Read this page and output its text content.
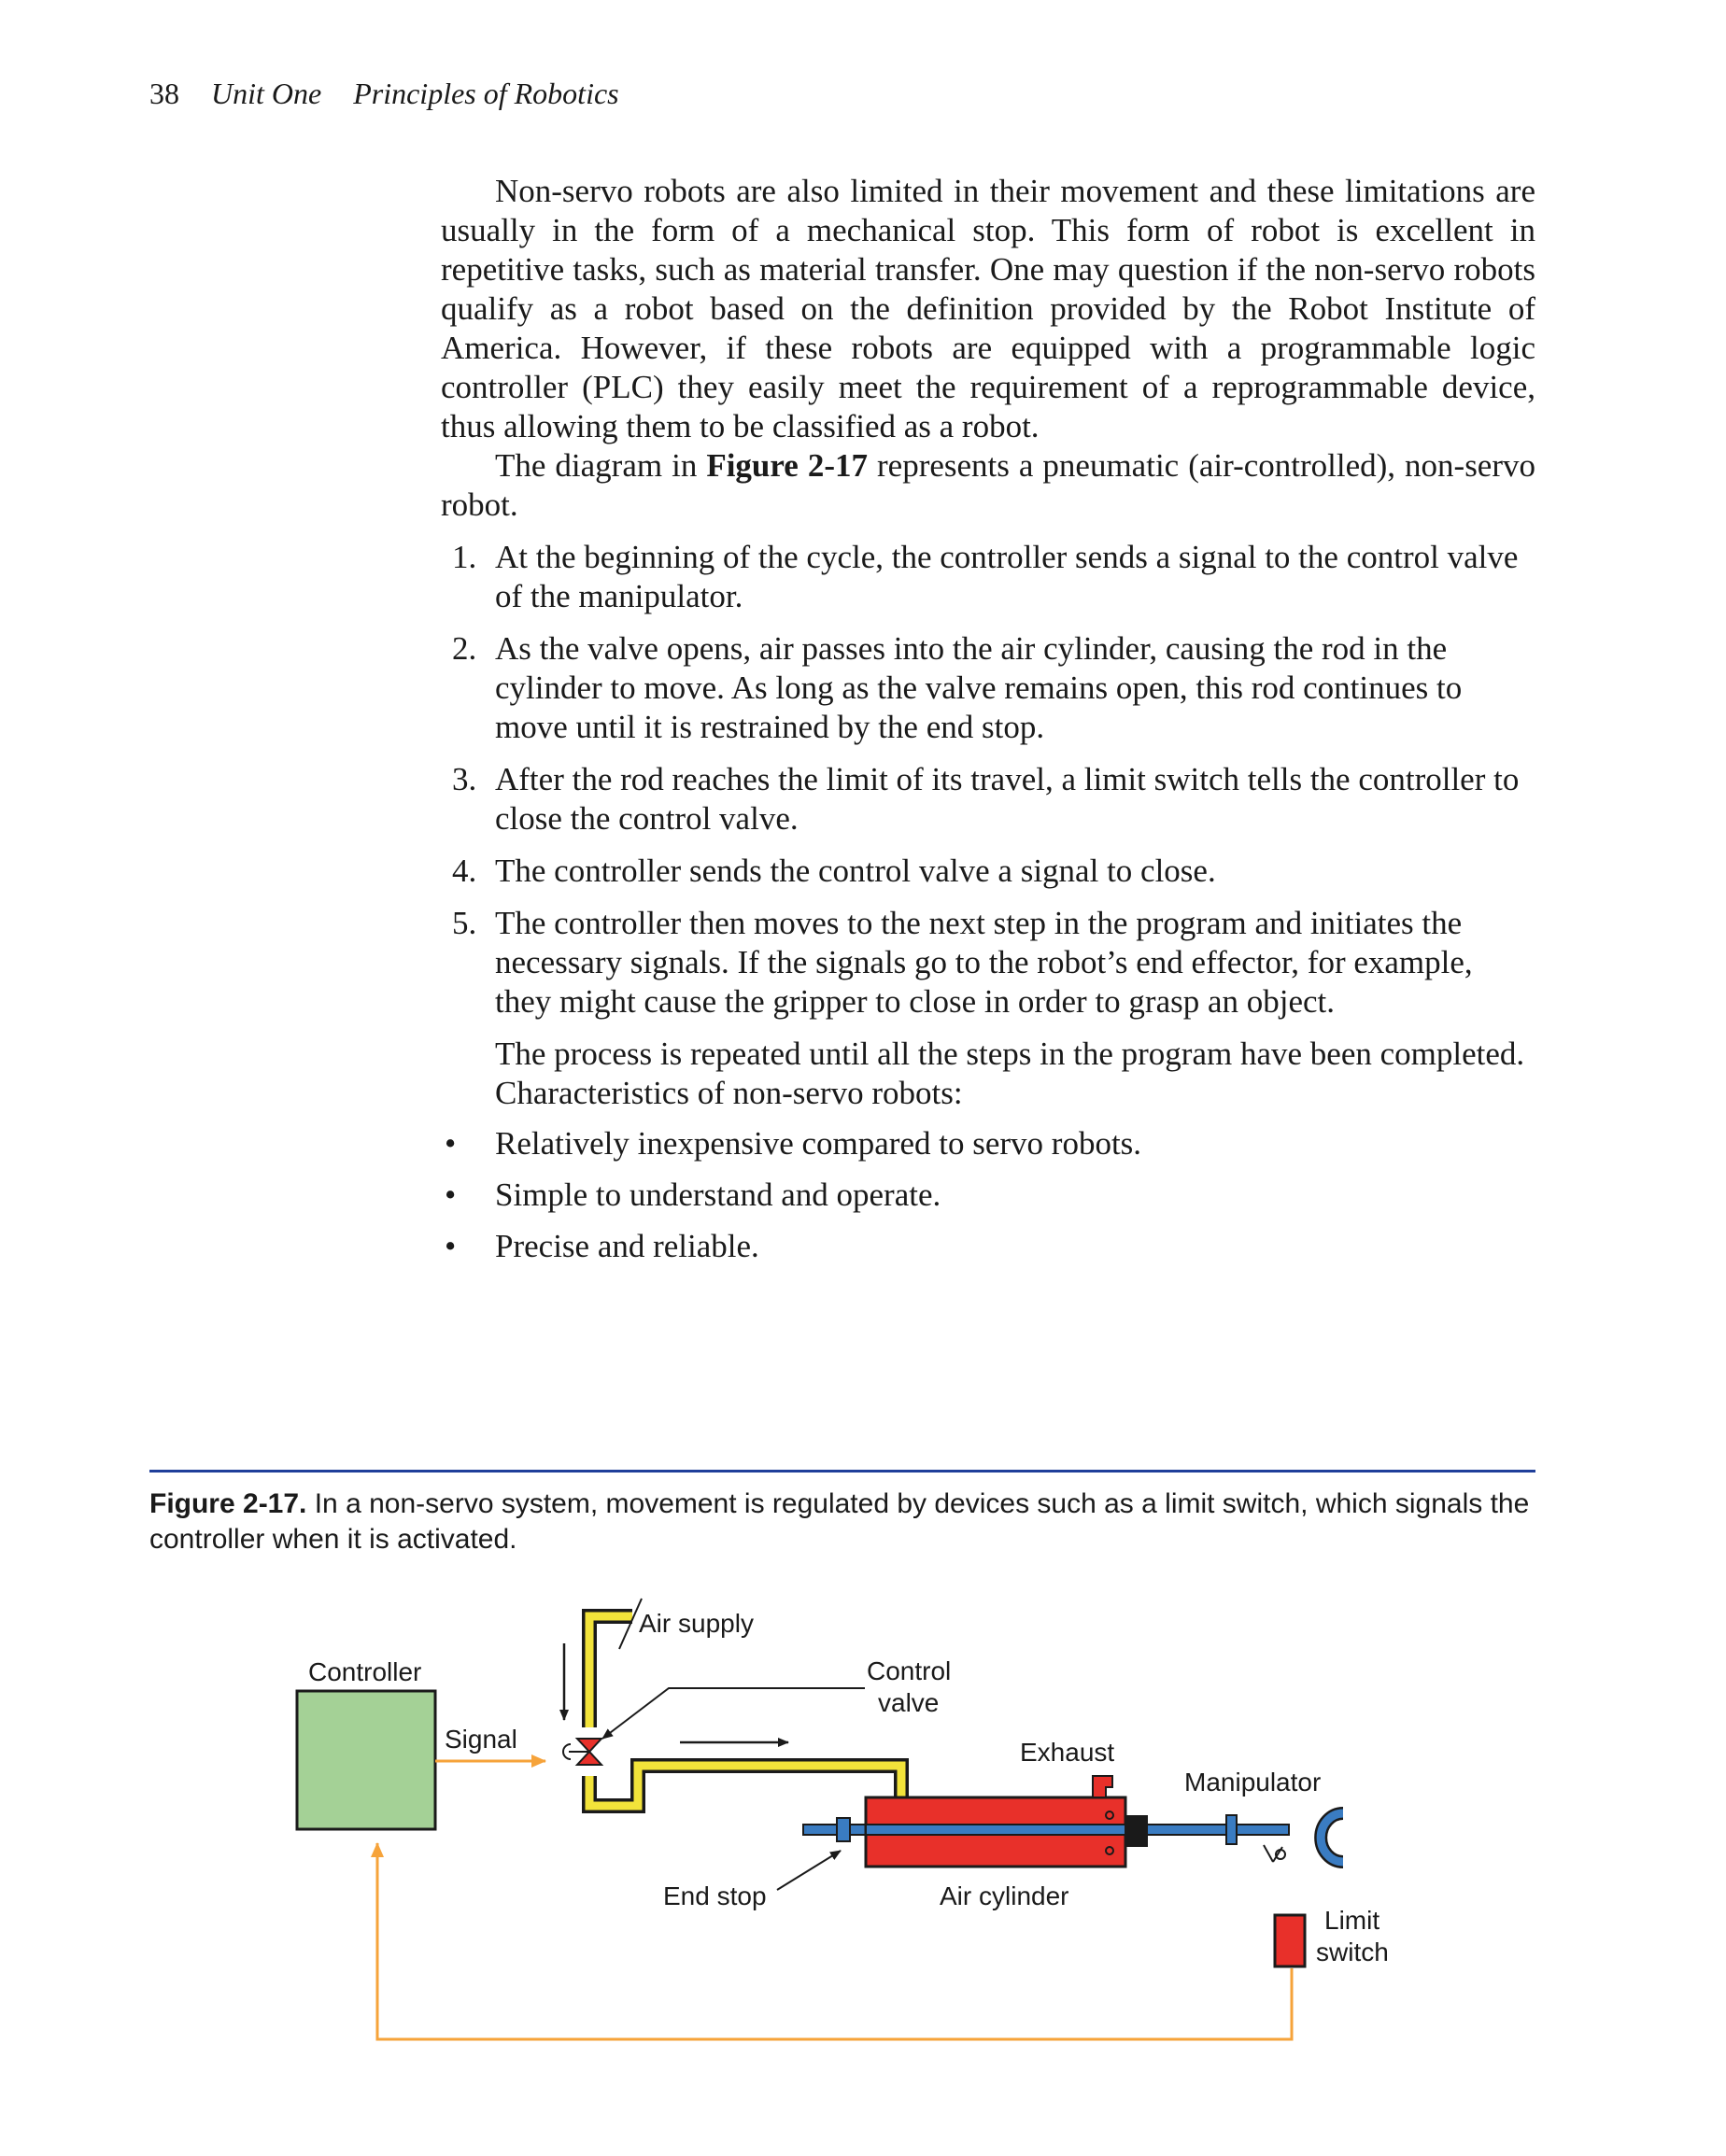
38 Unit One Principles of Robotics

Non-servo robots are also limited in their movement and these limitations are usually in the form of a mechanical stop. This form of robot is excellent in repetitive tasks, such as material transfer. One may question if the non-servo robots qualify as a robot based on the definition provided by the Robot Institute of America. However, if these robots are equipped with a programmable logic controller (PLC) they easily meet the requirement of a reprogrammable device, thus allowing them to be classified as a robot.

The diagram in Figure 2-17 represents a pneumatic (air-controlled), non-servo robot.

1. At the beginning of the cycle, the controller sends a signal to the control valve of the manipulator.
2. As the valve opens, air passes into the air cylinder, causing the rod in the cylinder to move. As long as the valve remains open, this rod continues to move until it is restrained by the end stop.
3. After the rod reaches the limit of its travel, a limit switch tells the controller to close the control valve.
4. The controller sends the control valve a signal to close.
5. The controller then moves to the next step in the program and initiates the necessary signals. If the signals go to the robot’s end effector, for example, they might cause the gripper to close in order to grasp an object.

The process is repeated until all the steps in the program have been completed.

Characteristics of non-servo robots:

• Relatively inexpensive compared to servo robots.
• Simple to understand and operate.
• Precise and reliable.
Figure 2-17. In a non-servo system, movement is regulated by devices such as a limit switch, which signals the controller when it is activated.
Controller
Signal
Air supply
Control
valve
Exhaust
Manipulator
End stop	Air cylinder
Limit
switch
